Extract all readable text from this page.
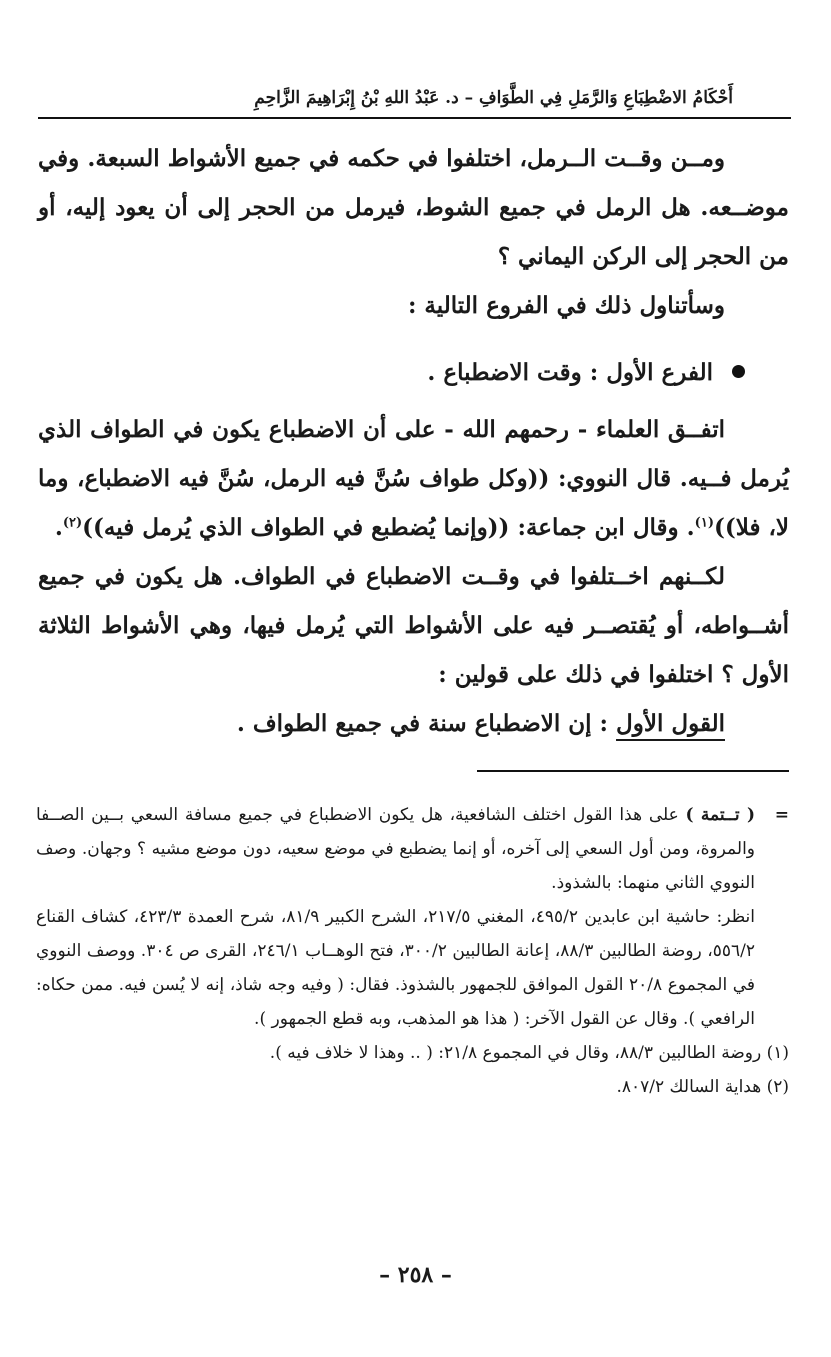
أَحْكَامُ الاضْطِبَاعِ وَالرَّمَلِ فِي الطَّوَافِ – د. عَبْدُ اللهِ بْنُ إِبْرَاهِيمَ الزَّاحِمِ

ومــن وقــت الــرمل، اختلفوا في حكمه في جميع الأشواط السبعة. وفي موضــعه. هل الرمل في جميع الشوط، فيرمل من الحجر إلى أن يعود إليه، أو من الحجر إلى الركن اليماني ؟

وسأتناول ذلك في الفروع التالية :

الفرع الأول : وقت الاضطباع .

اتفــق العلماء - رحمهم الله - على أن الاضطباع يكون في الطواف الذي يُرمل فــيه. قال النووي: ((وكل طواف سُنَّ فيه الرمل، سُنَّ فيه الاضطباع، وما لا، فلا))$^{(١)}$. وقال ابن جماعة: ((وإنما يُضطبع في الطواف الذي يُرمل فيه))$^{(٢)}$.

لكــنهم اخــتلفوا في وقــت الاضطباع في الطواف. هل يكون في جميع أشــواطه، أو يُقتصــر فيه على الأشواط التي يُرمل فيها، وهي الأشواط الثلاثة الأول ؟ اختلفوا في ذلك على قولين :

القول الأول : إن الاضطباع سنة في جميع الطواف .

=
( تــتمة ) على هذا القول اختلف الشافعية، هل يكون الاضطباع في جميع مسافة السعي بــين الصــفا والمروة، ومن أول السعي إلى آخره، أو إنما يضطبع في موضع سعيه، دون موضع مشيه ؟ وجهان. وصف النووي الثاني منهما: بالشذوذ.

انظر: حاشية ابن عابدين ٤٩٥/٢، المغني ٢١٧/٥، الشرح الكبير ٨١/٩، شرح العمدة ٤٢٣/٣، كشاف القناع ٥٥٦/٢، روضة الطالبين ٨٨/٣، إعانة الطالبين ٣٠٠/٢، فتح الوهــاب ٢٤٦/١، القرى ص ٣٠٤. ووصف النووي في المجموع ٢٠/٨ القول الموافق للجمهور بالشذوذ. فقال: ( وفيه وجه شاذ، إنه لا يُسن فيه. ممن حكاه: الرافعي ). وقال عن القول الآخر: ( هذا هو المذهب، وبه قطع الجمهور ).

(١) روضة الطالبين ٨٨/٣، وقال في المجموع ٢١/٨: ( .. وهذا لا خلاف فيه ).

(٢) هداية السالك ٨٠٧/٢.

– ٢٥٨ –
